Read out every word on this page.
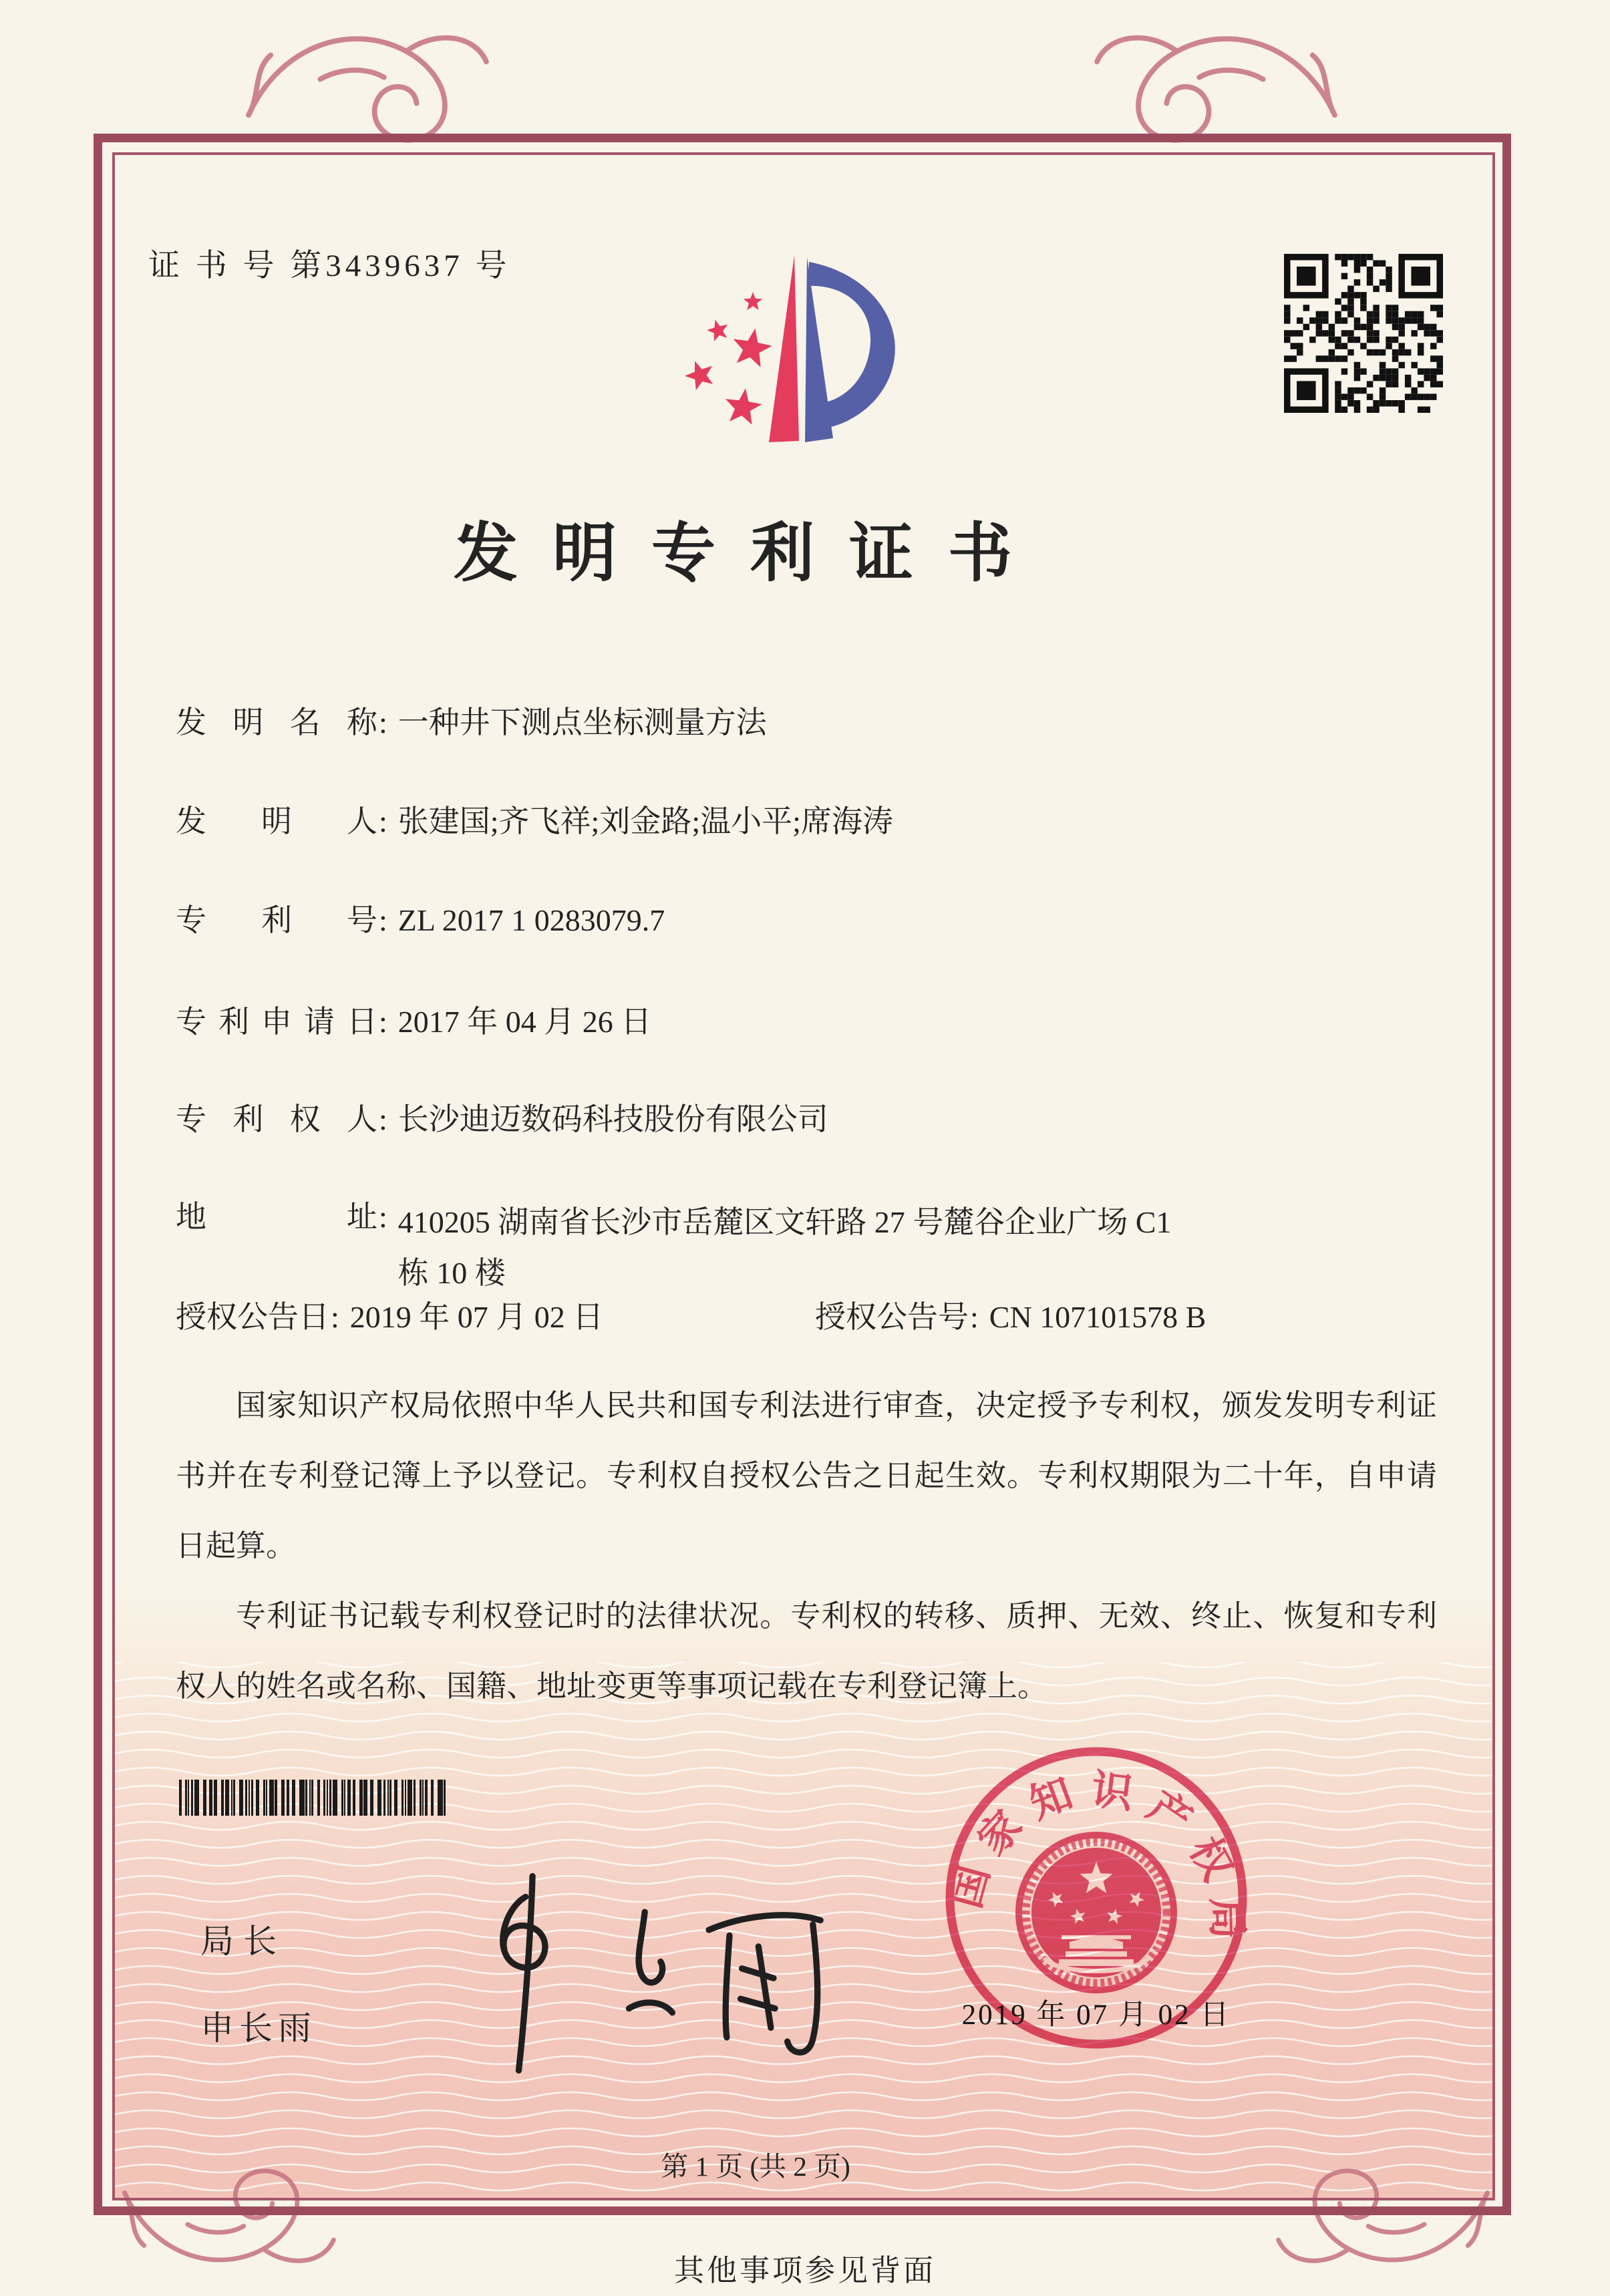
证 书 号 第3439637 号
发明专利证书
发明名称: 一种井下测点坐标测量方法
发明人: 张建国;齐飞祥;刘金路;温小平;席海涛
专利号: ZL 2017 1 0283079.7
专利申请日: 2017 年 04 月 26 日
专利权人: 长沙迪迈数码科技股份有限公司
地址: 410205 湖南省长沙市岳麓区文轩路 27 号麓谷企业广场 C1
栋 10 楼
授权公告日: 2019 年 07 月 02 日	授权公告号: CN 107101578 B

国家知识产权局依照中华人民共和国专利法进行审查，决定授予专利权，颁发发明专利证书并在专利登记簿上予以登记。专利权自授权公告之日起生效。专利权期限为二十年，自申请日起算。

专利证书记载专利权登记时的法律状况。专利权的转移、质押、无效、终止、恢复和专利权人的姓名或名称、国籍、地址变更等事项记载在专利登记簿上。

局长
申长雨
国家知识产权局
2019 年 07 月 02 日
第 1 页 (共 2 页)
其他事项参见背面
